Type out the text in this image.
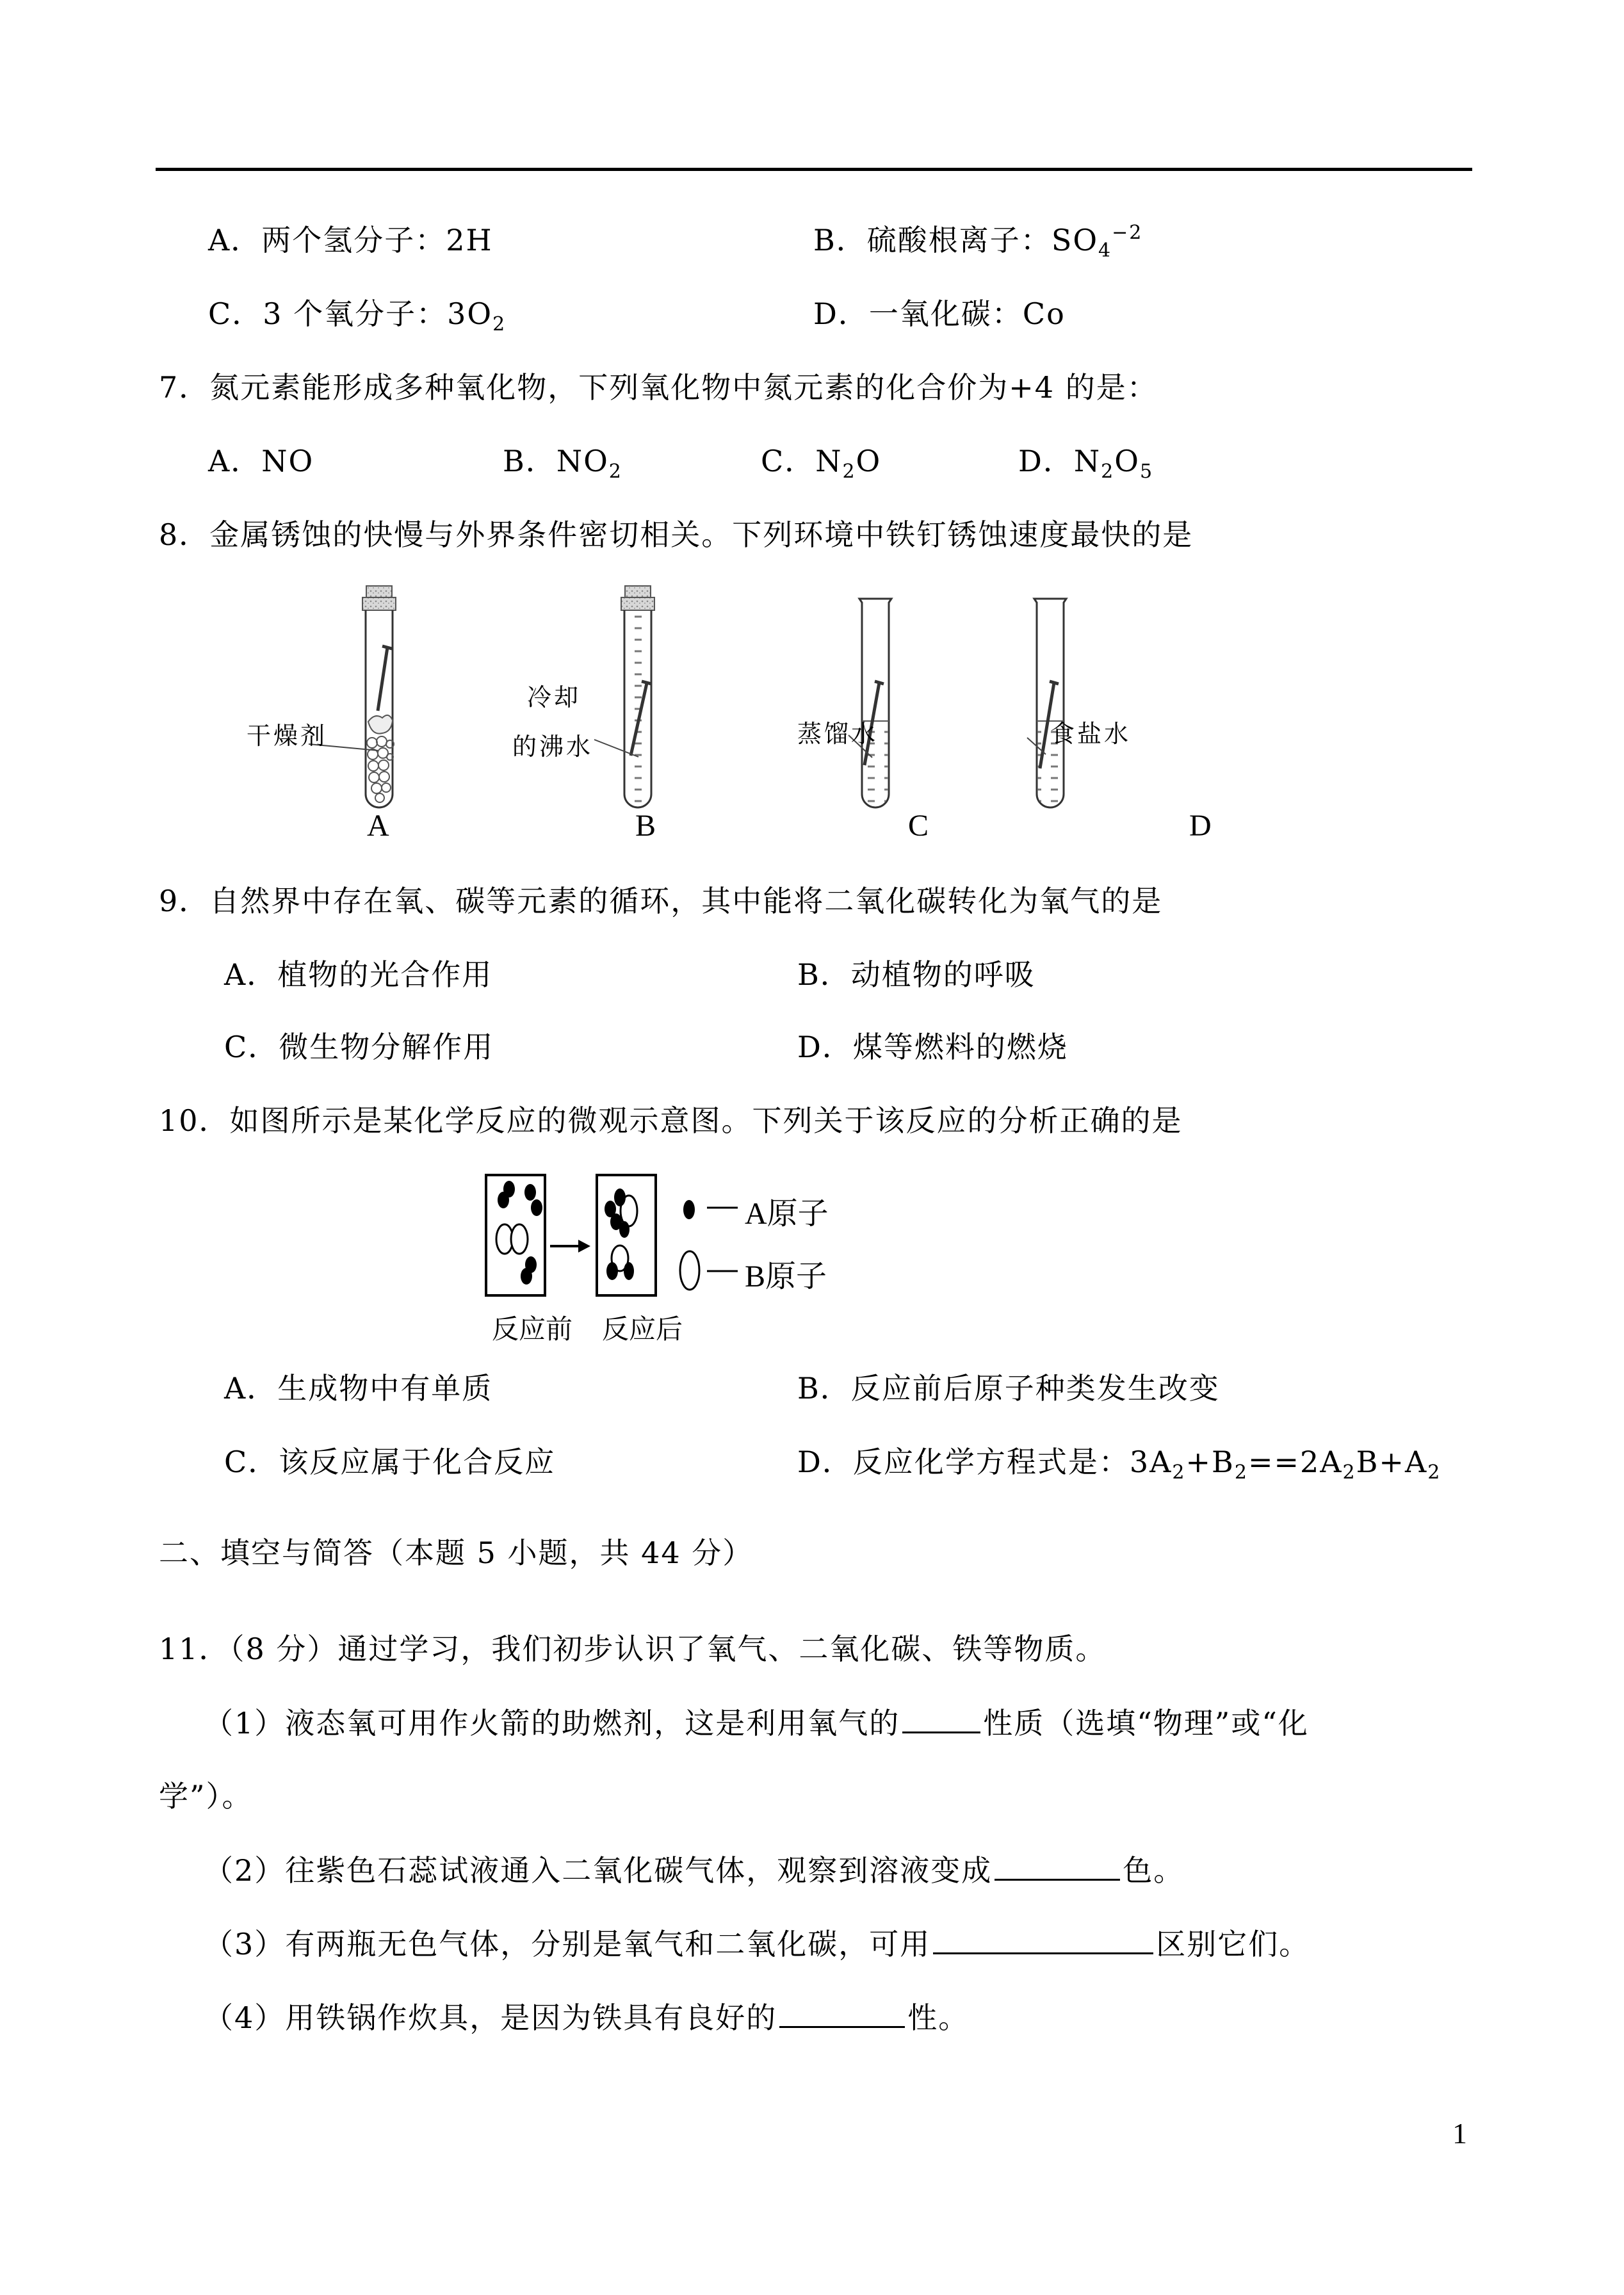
A．两个氢分子：2H	B．硫酸根离子：$SO_4^{-2}$
C．3 个氧分子：$3O_2$	D．一氧化碳：Co
7．氮元素能形成多种氧化物，下列氧化物中氮元素的化合价为+4 的是：
A．NO	B．$NO_2$	C．$N_2O$	D．$N_2O_5$
8．金属锈蚀的快慢与外界条件密切相关。下列环境中铁钉锈蚀速度最快的是
干燥剂
冷却
的沸水	蒸馏水	食盐水
A	B	C	D
9．自然界中存在氧、碳等元素的循环，其中能将二氧化碳转化为氧气的是
A．植物的光合作用	B．动植物的呼吸
C．微生物分解作用	D．煤等燃料的燃烧
10．如图所示是某化学反应的微观示意图。下列关于该反应的分析正确的是
A原子
B原子
反应前 反应后
A．生成物中有单质	B．反应前后原子种类发生改变
C．该反应属于化合反应	D．反应化学方程式是：$3A_2+B_2==2A_2B+A_2$
二、填空与简答（本题 5 小题，共 44 分）
11．（8 分）通过学习，我们初步认识了氧气、二氧化碳、铁等物质。
（1）液态氧可用作火箭的助燃剂，这是利用氧气的	性质（选填“物理”或“化
学”）。
（2）往紫色石蕊试液通入二氧化碳气体，观察到溶液变成	色。
（3）有两瓶无色气体，分别是氧气和二氧化碳，可用	区别它们。
（4）用铁锅作炊具，是因为铁具有良好的	性。
1
